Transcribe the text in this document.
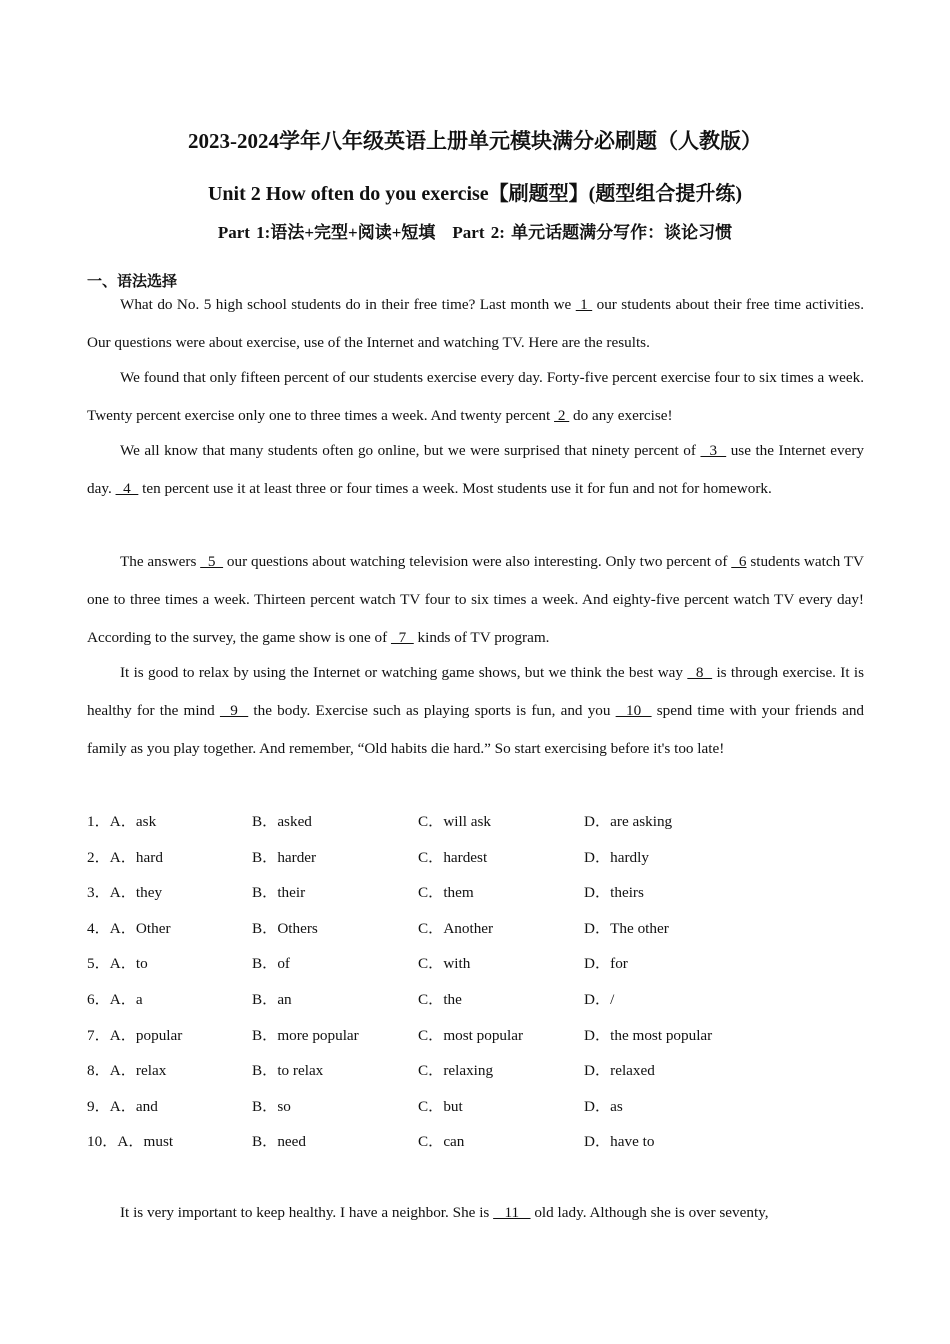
2023-2024学年八年级英语上册单元模块满分必刷题（人教版）
Unit 2 How often do you exercise【刷题型】(题型组合提升练)
Part 1:语法+完型+阅读+短填　Part 2: 单元话题满分写作：谈论习惯
一、语法选择

What do No. 5 high school students do in their free time? Last month we  1  our students about their free time activities. Our questions were about exercise, use of the Internet and watching TV. Here are the results.

We found that only fifteen percent of our students exercise every day. Forty-five percent exercise four to six times a week. Twenty percent exercise only one to three times a week. And twenty percent  2  do any exercise!

We all know that many students often go online, but we were surprised that ninety percent of   3   use the Internet every day.   4   ten percent use it at least three or four times a week. Most students use it for fun and not for homework.

The answers   5   our questions about watching television were also interesting. Only two percent of   6 students watch TV one to three times a week. Thirteen percent watch TV four to six times a week. And eighty-five percent watch TV every day! According to the survey, the game show is one of   7   kinds of TV program.

It is good to relax by using the Internet or watching game shows, but we think the best way   8   is through exercise. It is healthy for the mind   9   the body. Exercise such as playing sports is fun, and you   10   spend time with your friends and family as you play together. And remember, “Old habits die hard.” So start exercising before it's too late!

1．A．ask	B．asked	C．will ask	D．are asking
2．A．hard	B．harder	C．hardest	D．hardly
3．A．they	B．their	C．them	D．theirs
4．A．Other	B．Others	C．Another	D．The other
5．A．to	B．of	C．with	D．for
6．A．a	B．an	C．the	D．/
7．A．popular	B．more popular	C．most popular	D．the most popular
8．A．relax	B．to relax	C．relaxing	D．relaxed
9．A．and	B．so	C．but	D．as
10．A．must	B．need	C．can	D．have to

It is very important to keep healthy. I have a neighbor. She is    11    old lady. Although she is over seventy,
